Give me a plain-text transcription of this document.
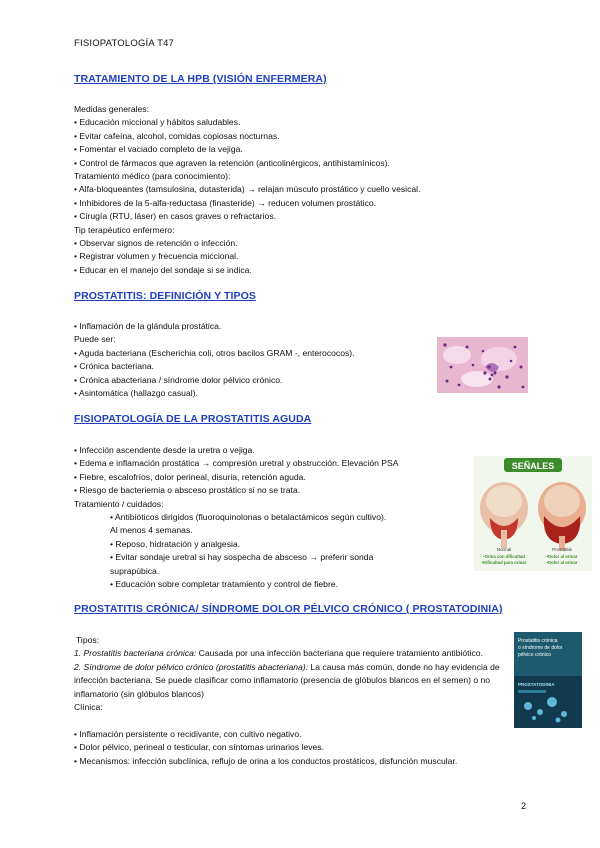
FISIOPATOLOGÍA T47
TRATAMIENTO DE LA HPB (VISIÓN ENFERMERA)
Medidas generales:
• Educación miccional y hábitos saludables.
• Evitar cafeína, alcohol, comidas copiosas nocturnas.
• Fomentar el vaciado completo de la vejiga.
• Control de fármacos que agraven la retención (anticolinérgicos, antihistamínicos).
Tratamiento médico (para conocimiento):
• Alfa-bloqueantes (tamsulosina, dutasterida) → relajan músculo prostático y cuello vesical.
• Inhibidores de la 5-alfa-reductasa (finasteride) → reducen volumen prostático.
• Cirugía (RTU, láser) en casos graves o refractarios.
Tip terapéutico enfermero:
• Observar signos de retención o infección.
• Registrar volumen y frecuencia miccional.
• Educar en el manejo del sondaje si se indica.
PROSTATITIS: DEFINICIÓN Y TIPOS
• Inflamación de la glándula prostática.
Puede ser:
• Aguda bacteriana (Escherichia coli, otros bacilos GRAM -, enterococos).
• Crónica bacteriana.
• Crónica abacteriana / síndrome dolor pélvico crónico.
• Asintomática (hallazgo casual).
FISIOPATOLOGÍA DE LA PROSTATITIS AGUDA
• Infección ascendente desde la uretra o vejiga.
• Edema e inflamación prostática → compresión uretral y obstrucción. Elevación PSA
• Fiebre, escalofríos, dolor perineal, disuria, retención aguda.
• Riesgo de bacteriemia o absceso prostático si no se trata.
Tratamiento / cuidados:
• Antibióticos dirigidos (fluoroquinolonas o betalactámicos según cultivo).
Al menos 4 semanas.
• Reposo, hidratación y analgesia.
• Evitar sondaje uretral si hay sospecha de absceso → preferir sonda
suprapúbica.
• Educación sobre completar tratamiento y control de fiebre.
SEÑALES
Normal	Prostatitis
•Orina con dificultad
•Dificultad para orinar
•Dolor al orinar
•Dolor al orinar
PROSTATITIS CRÓNICA/ SÍNDROME DOLOR PÉLVICO CRÓNICO ( PROSTATODINIA)
Tipos:
1. Prostatitis bacteriana crónica: Causada por una infección bacteriana que requiere tratamiento antibiótico.
2. Síndrome de dolor pélvico crónico (prostatitis abacteriana): La causa más común, donde no hay evidencia de infección bacteriana. Se puede clasificar como inflamatorio (presencia de glóbulos blancos en el semen) o no inflamatorio (sin glóbulos blancos)
Clínica:
• Inflamación persistente o recidivante, con cultivo negativo.
• Dolor pélvico, perineal o testicular, con síntomas urinarios leves.
• Mecanismos: infección subclínica, reflujo de orina a los conductos prostáticos, disfunción muscular.
Prostatitis crónica o síndrome de dolor pélvico crónico
PROSTATODINIA
2
